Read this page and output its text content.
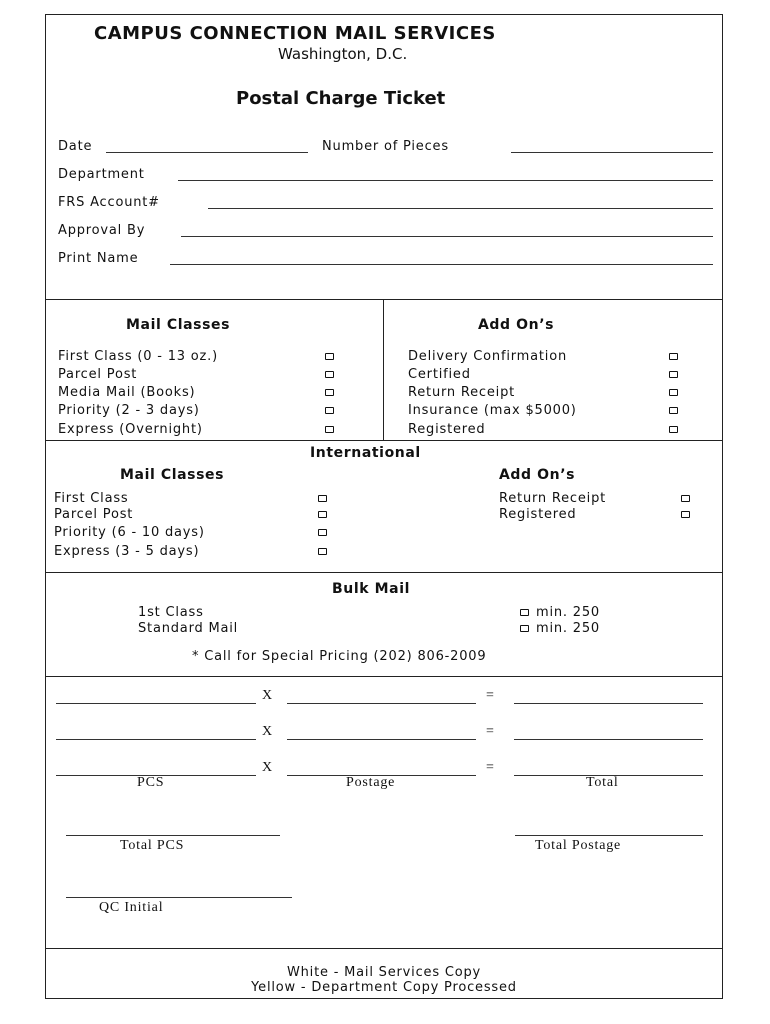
CAMPUS CONNECTION MAIL SERVICES
Washington, D.C.
Postal Charge Ticket
Date	Number of Pieces
Department
FRS Account#
Approval By
Print Name
Mail Classes
First Class (0 - 13 oz.)
Parcel Post
Media Mail (Books)
Priority (2 - 3 days)
Express (Overnight)
Add On’s
Delivery Confirmation
Certified
Return Receipt
Insurance (max $5000)
Registered
International
Mail Classes	Add On’s
First Class
Parcel Post
Priority (6 - 10 days)
Express (3 - 5 days)
Return Receipt
Registered
Bulk Mail
1st Class
Standard Mail
min. 250
min. 250
* Call for Special Pricing (202) 806-2009
X	=
X	=
X	=
PCS	Postage	Total
Total PCS	Total Postage
QC Initial
White - Mail Services Copy
Yellow - Department Copy Processed
